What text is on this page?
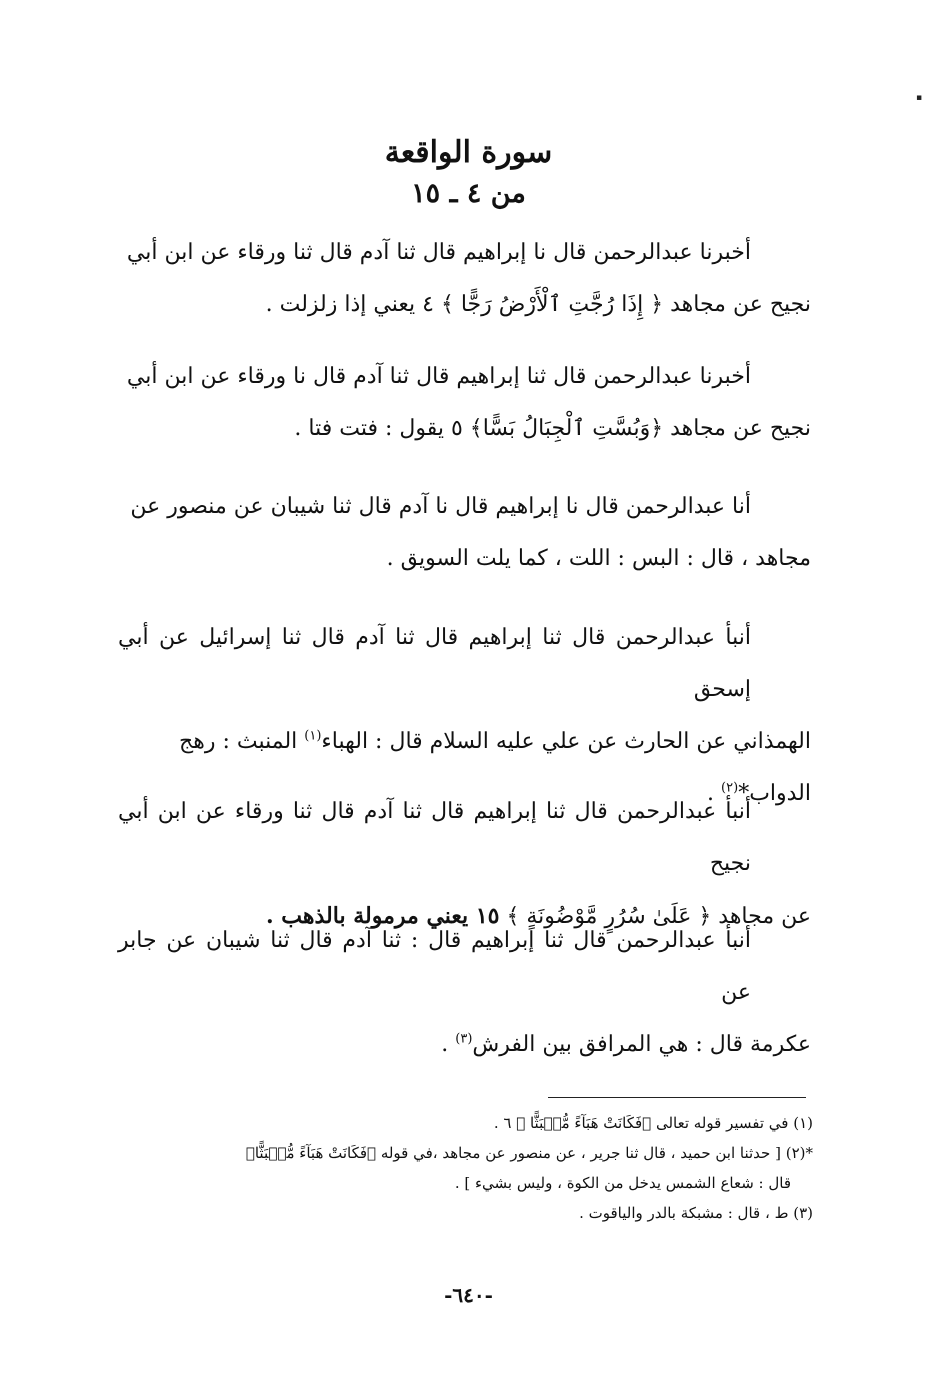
▪
سورة الواقعة
من ٤ ـ ١٥
أخبرنا عبدالرحمن قال نا إبراهيم قال ثنا آدم قال ثنا ورقاء عن ابن أبي
نجيح عن مجاهد ﴿ إِذَا رُجَّتِ ٱلْأَرْضُ رَجًّا ﴾ ٤ يعني إذا زلزلت .
أخبرنا عبدالرحمن قال ثنا إبراهيم قال ثنا آدم قال نا ورقاء عن ابن أبي
نجيح عن مجاهد ﴿وَبُسَّتِ ٱلْجِبَالُ بَسًّا﴾ ٥ يقول : فتت فتا .
أنا عبدالرحمن قال نا إبراهيم قال نا آدم قال ثنا شيبان عن منصور عن
مجاهد ، قال : البس : اللت ، كما يلت السويق .
أنبأ عبدالرحمن قال ثنا إبراهيم قال ثنا آدم قال ثنا إسرائيل عن أبي إسحق
الهمذاني عن الحارث عن علي عليه السلام قال : الهباء$^{(١)}$ المنبث : رهج
الدواب*$^{(٢)}$ .
أنبأ عبدالرحمن قال ثنا إبراهيم قال ثنا آدم قال ثنا ورقاء عن ابن أبي نجيح
عن مجاهد ﴿ عَلَىٰ سُرُرٍ مَّوْضُونَةٍ ﴾ ١٥ يعني مرمولة بالذهب .
أنبأ عبدالرحمن قال ثنا إبراهيم قال : ثنا آدم قال ثنا شيبان عن جابر عن
عكرمة قال : هي المرافق بين الفرش$^{(٣)}$ .
(١) في تفسير قوله تعالى ﴿فَكَانَتْ هَبَآءً مُّنۢبَثًّا ﴾ ٦ .
*(٢) [ حدثنا ابن حميد ، قال ثنا جرير ، عن منصور عن مجاهد ،في قوله ﴿فَكَانَتْ هَبَآءً مُّنۢبَثًّا﴾
قال : شعاع الشمس يدخل من الكوة ، وليس بشيء ] .
(٣) ط ، قال : مشبكة بالدر والياقوت .
-٦٤٠-
